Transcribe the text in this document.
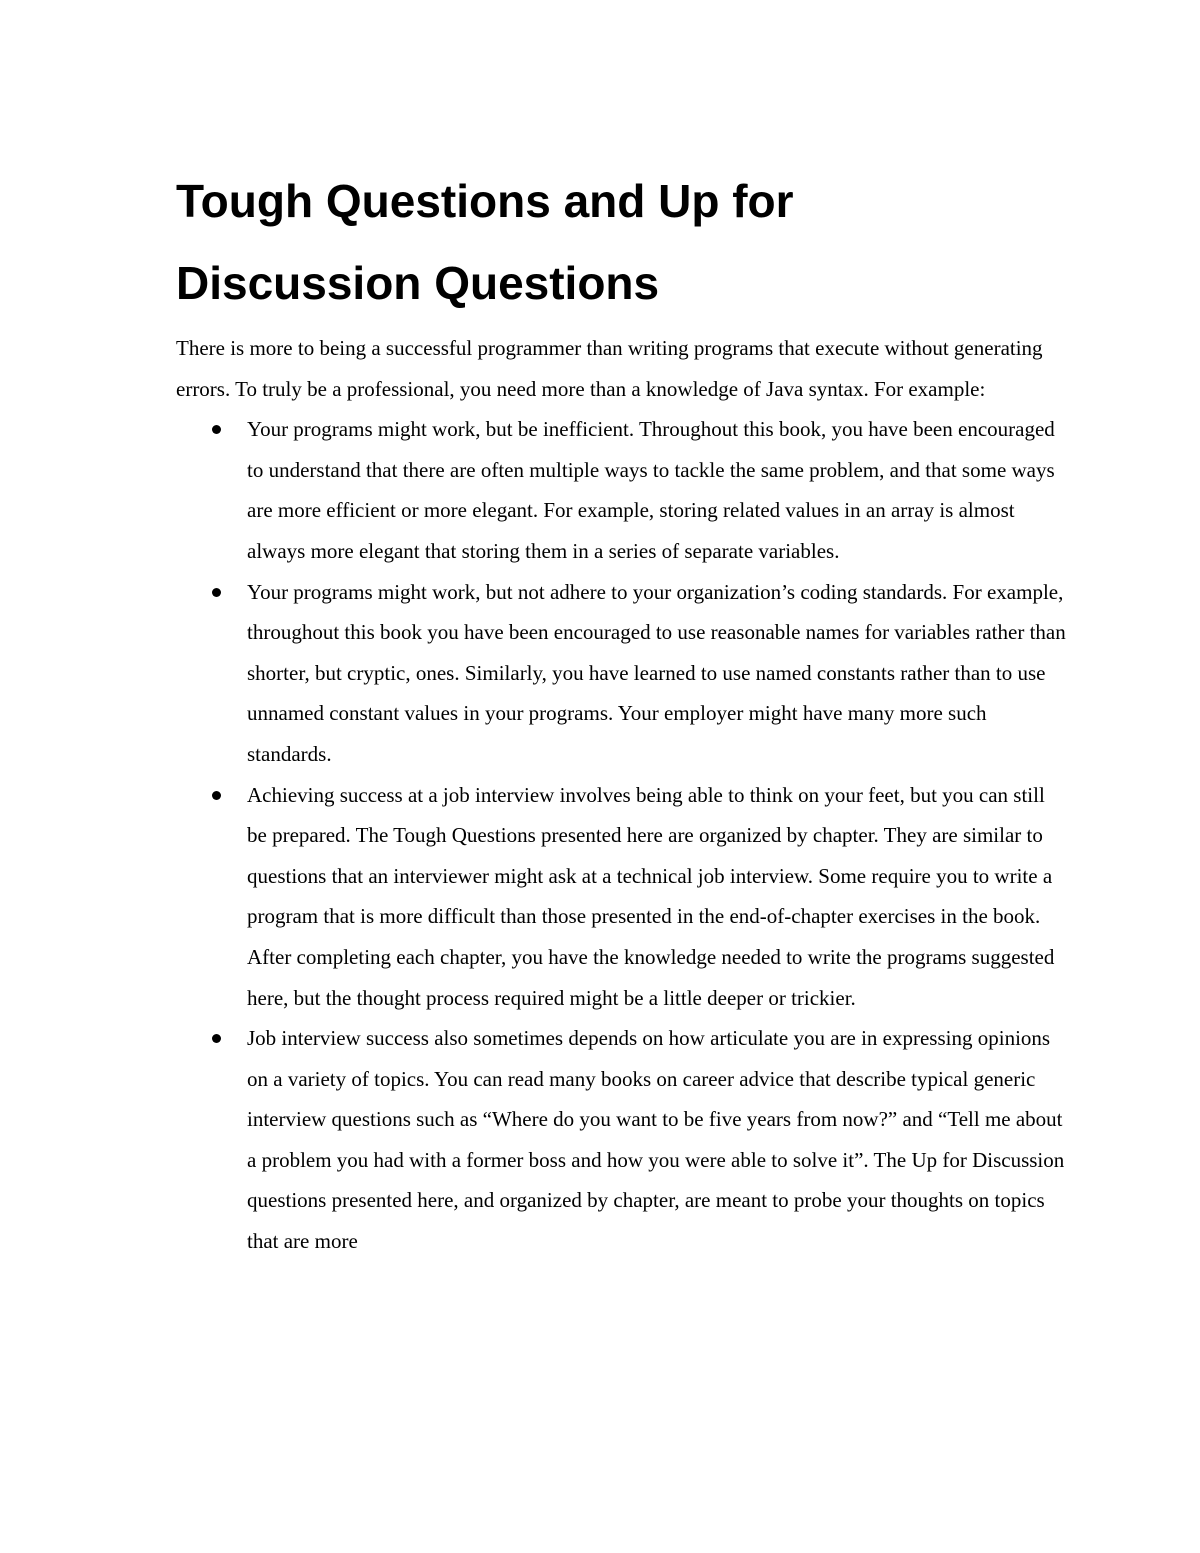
Tough Questions and Up for
Discussion Questions

There is more to being a successful programmer than writing programs that execute without generating errors. To truly be a professional, you need more than a knowledge of Java syntax. For example:

Your programs might work, but be inefficient. Throughout this book, you have been encouraged to understand that there are often multiple ways to tackle the same problem, and that some ways are more efficient or more elegant. For example, storing related values in an array is almost always more elegant that storing them in a series of separate variables.
Your programs might work, but not adhere to your organization’s coding standards. For example, throughout this book you have been encouraged to use reasonable names for variables rather than shorter, but cryptic, ones. Similarly, you have learned to use named constants rather than to use unnamed constant values in your programs. Your employer might have many more such standards.
Achieving success at a job interview involves being able to think on your feet, but you can still be prepared. The Tough Questions presented here are organized by chapter. They are similar to questions that an interviewer might ask at a technical job interview. Some require you to write a program that is more difficult than those presented in the end-of-chapter exercises in the book. After completing each chapter, you have the knowledge needed to write the programs suggested here, but the thought process required might be a little deeper or trickier.
Job interview success also sometimes depends on how articulate you are in expressing opinions on a variety of topics. You can read many books on career advice that describe typical generic interview questions such as “Where do you want to be five years from now?” and “Tell me about a problem you had with a former boss and how you were able to solve it”. The Up for Discussion questions presented here, and organized by chapter, are meant to probe your thoughts on topics that are more
